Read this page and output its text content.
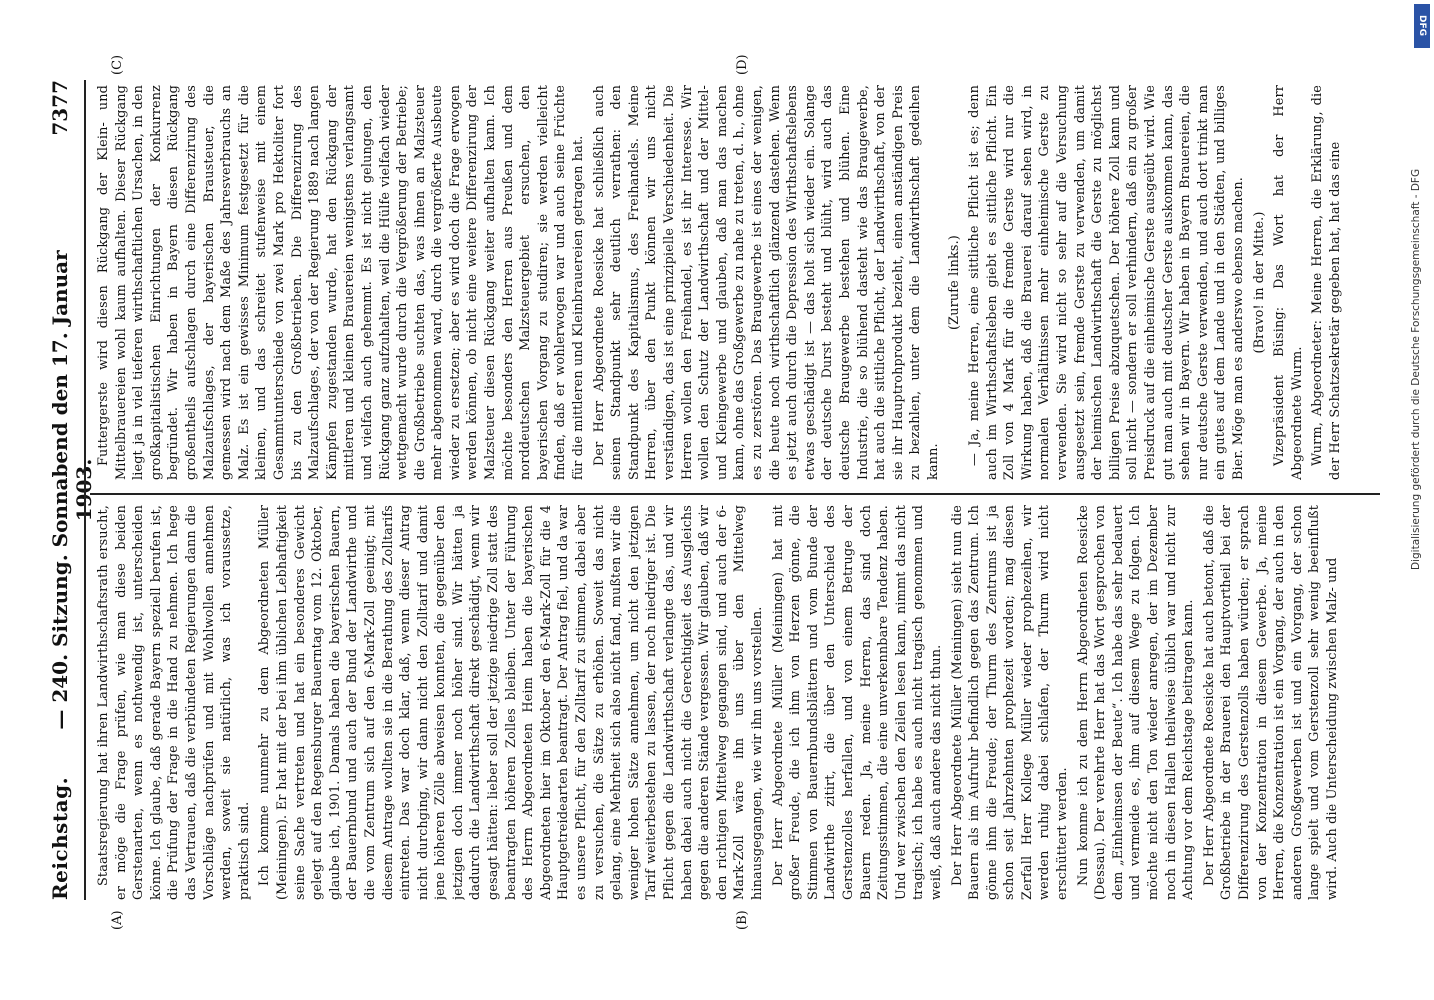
Reichstag.
— 240. Sitzung. Sonnabend den 17. Januar 1903.
7377
(A)	(B)
(C)	(D)

Staatsregierung hat ihren Landwirthschaftsrath ersucht, er möge die Frage prüfen, wie man diese beiden Gerstenarten, wenn es nothwendig ist, unterscheiden könne. Ich glaube, daß gerade Bayern speziell berufen ist, die Prüfung der Frage in die Hand zu nehmen. Ich hege das Vertrauen, daß die verbündeten Regierungen dann die Vorschläge nachprüfen und mit Wohlwollen annehmen werden, soweit sie natürlich, was ich voraussetze, praktisch sind. Ich komme nunmehr zu dem Abgeordneten Müller (Meiningen). Er hat mit der bei ihm üblichen Lebhaftigkeit seine Sache vertreten und hat ein besonderes Gewicht gelegt auf den Regensburger Bauerntag vom 12. Oktober, glaube ich, 1901. Damals haben die bayerischen Bauern, der Bauernbund und auch der Bund der Landwirthe und die vom Zentrum sich auf den 6-Mark-Zoll geeinigt; mit diesem Antrage wollten sie in die Berathung des Zolltarifs eintreten. Das war doch klar, daß, wenn dieser Antrag nicht durchging, wir dann nicht den Zolltarif und damit jene höheren Zölle abweisen konnten, die gegenüber den jetzigen doch immer noch höher sind. Wir hätten ja dadurch die Landwirthschaft direkt geschädigt, wenn wir gesagt hätten: lieber soll der jetzige niedrige Zoll statt des beantragten höheren Zolles bleiben. Unter der Führung des Herrn Abgeordneten Heim haben die bayerischen Abgeordneten hier im Oktober den 6-Mark-Zoll für die 4 Hauptgetreidearten beantragt. Der Antrag fiel, und da war es unsere Pflicht, für den Zolltarif zu stimmen, dabei aber zu versuchen, die Sätze zu erhöhen. Soweit das nicht gelang, eine Mehrheit sich also nicht fand, mußten wir die weniger hohen Sätze annehmen, um nicht den jetzigen Tarif weiterbestehen zu lassen, der noch niedriger ist. Die Pflicht gegen die Landwirthschaft verlangte das, und wir haben dabei auch nicht die Gerechtigkeit des Ausgleichs gegen die anderen Stände vergessen. Wir glauben, daß wir den richtigen Mittelweg gegangen sind, und auch der 6-Mark-Zoll wäre ihn uns über den Mittelweg hinausgegangen, wie wir ihn uns vorstellen. Der Herr Abgeordnete Müller (Meiningen) hat mit großer Freude, die ich ihm von Herzen gönne, die Stimmen von Bauernbundsblättern und vom Bunde der Landwirthe zitirt, die über den Unterschied des Gerstenzolles herfallen, und von einem Betruge der Bauern reden. Ja, meine Herren, das sind doch Zeitungsstimmen, die eine unverkennbare Tendenz haben. Und wer zwischen den Zeilen lesen kann, nimmt das nicht tragisch; ich habe es auch nicht tragisch genommen und weiß, daß auch andere das nicht thun. Der Herr Abgeordnete Müller (Meiningen) sieht nun die Bauern als im Aufruhr befindlich gegen das Zentrum. Ich gönne ihm die Freude; der Thurm des Zentrums ist ja schon seit Jahrzehnten prophezeit worden; mag diesen Zerfall Herr Kollege Müller wieder prophezeihen, wir werden ruhig dabei schlafen, der Thurm wird nicht erschüttert werden. Nun komme ich zu dem Herrn Abgeordneten Roesicke (Dessau). Der verehrte Herr hat das Wort gesprochen von dem „Einheimsen der Beute“. Ich habe das sehr bedauert und vermeide es, ihm auf diesem Wege zu folgen. Ich möchte nicht den Ton wieder anregen, der im Dezember noch in diesen Hallen theilweise üblich war und nicht zur Achtung vor dem Reichstage beitragen kann. Der Herr Abgeordnete Roesicke hat auch betont, daß die Großbetriebe in der Brauerei den Hauptvortheil bei der Differenzirung des Gerstenzolls haben würden; er sprach von der Konzentration in diesem Gewerbe. Ja, meine Herren, die Konzentration ist ein Vorgang, der auch in den anderen Großgewerben ist und ein Vorgang, der schon lange spielt und vom Gerstenzoll sehr wenig beeinflußt wird. Auch die Unterscheidung zwischen Malz- und

Futtergerste wird diesen Rückgang der Klein- und Mittelbrauereien wohl kaum aufhalten. Dieser Rückgang liegt ja in viel tieferen wirthschaftlichen Ursachen, in den großkapitalistischen Einrichtungen der Konkurrenz begründet. Wir haben in Bayern diesen Rückgang großentheils aufschlagen durch eine Differenzirung des Malzaufschlages, der bayerischen Brausteuer, die gemessen wird nach dem Maße des Jahresverbrauchs an Malz. Es ist ein gewisses Minimum festgesetzt für die kleinen, und das schreitet stufenweise mit einem Gesammtunterschiede von zwei Mark pro Hektoliter fort bis zu den Großbetrieben. Die Differenzirung des Malzaufschlages, der von der Regierung 1889 nach langen Kämpfen zugestanden wurde, hat den Rückgang der mittleren und kleinen Brauereien wenigstens verlangsamt und vielfach auch gehemmt. Es ist nicht gelungen, den Rückgang ganz aufzuhalten, weil die Hülfe vielfach wieder wettgemacht wurde durch die Vergrößerung der Betriebe; die Großbetriebe suchten das, was ihnen an Malzsteuer mehr abgenommen ward, durch die vergrößerte Ausbeute wieder zu ersetzen; aber es wird doch die Frage erwogen werden können, ob nicht eine weitere Differenzirung der Malzsteuer diesen Rückgang weiter aufhalten kann. Ich möchte besonders den Herren aus Preußen und dem norddeutschen Malzsteuergebiet ersuchen, den bayerischen Vorgang zu studiren; sie werden vielleicht finden, daß er wohlerwogen war und auch seine Früchte für die mittleren und Kleinbrauereien getragen hat. Der Herr Abgeordnete Roesicke hat schließlich auch seinen Standpunkt sehr deutlich verrathen: den Standpunkt des Kapitalismus, des Freihandels. Meine Herren, über den Punkt können wir uns nicht verständigen, das ist eine prinzipielle Verschiedenheit. Die Herren wollen den Freihandel, es ist ihr Interesse. Wir wollen den Schutz der Landwirthschaft und der Mittel- und Kleingewerbe und glauben, daß man das machen kann, ohne das Großgewerbe zu nahe zu treten, d. h., ohne es zu zerstören. Das Braugewerbe ist eines der wenigen, die heute noch wirthschaftlich glänzend dastehen. Wenn es jetzt auch durch die Depression des Wirthschaftslebens etwas geschädigt ist — das holt sich wieder ein. Solange der deutsche Durst besteht und blüht, wird auch das deutsche Braugewerbe bestehen und blühen. Eine Industrie, die so blühend dasteht wie das Braugewerbe, hat auch die sittliche Pflicht, der Landwirthschaft, von der sie ihr Hauptrohprodukt bezieht, einen anständigen Preis zu bezahlen, unter dem die Landwirthschaft gedeihen kann.

(Zurufe links.) — Ja, meine Herren, eine sittliche Pflicht ist es; denn auch im Wirthschaftsleben giebt es sittliche Pflicht. Ein Zoll von 4 Mark für die fremde Gerste wird nur die Wirkung haben, daß die Brauerei darauf sehen wird, in normalen Verhältnissen mehr einheimische Gerste zu verwenden. Sie wird nicht so sehr auf die Versuchung ausgesetzt sein, fremde Gerste zu verwenden, um damit der heimischen Landwirthschaft die Gerste zu möglichst billigen Preise abzuquetschen. Der höhere Zoll kann und soll nicht — sondern er soll verhindern, daß ein zu großer Preisdruck auf die einheimische Gerste ausgeübt wird. Wie gut man auch mit deutscher Gerste auskommen kann, das sehen wir in Bayern. Wir haben in Bayern Brauereien, die nur deutsche Gerste verwenden, und auch dort trinkt man ein gutes auf dem Lande und in den Städten, und billiges Bier. Möge man es anderswo ebenso machen. (Bravo! in der Mitte.) Vizepräsident Büsing: Das Wort hat der Herr Abgeordnete Wurm. Wurm, Abgeordneter: Meine Herren, die Erklärung, die der Herr Schatzsekretär gegeben hat, hat das eine

DFG
Digitalisierung gefördert durch die Deutsche Forschungsgemeinschaft - DFG
